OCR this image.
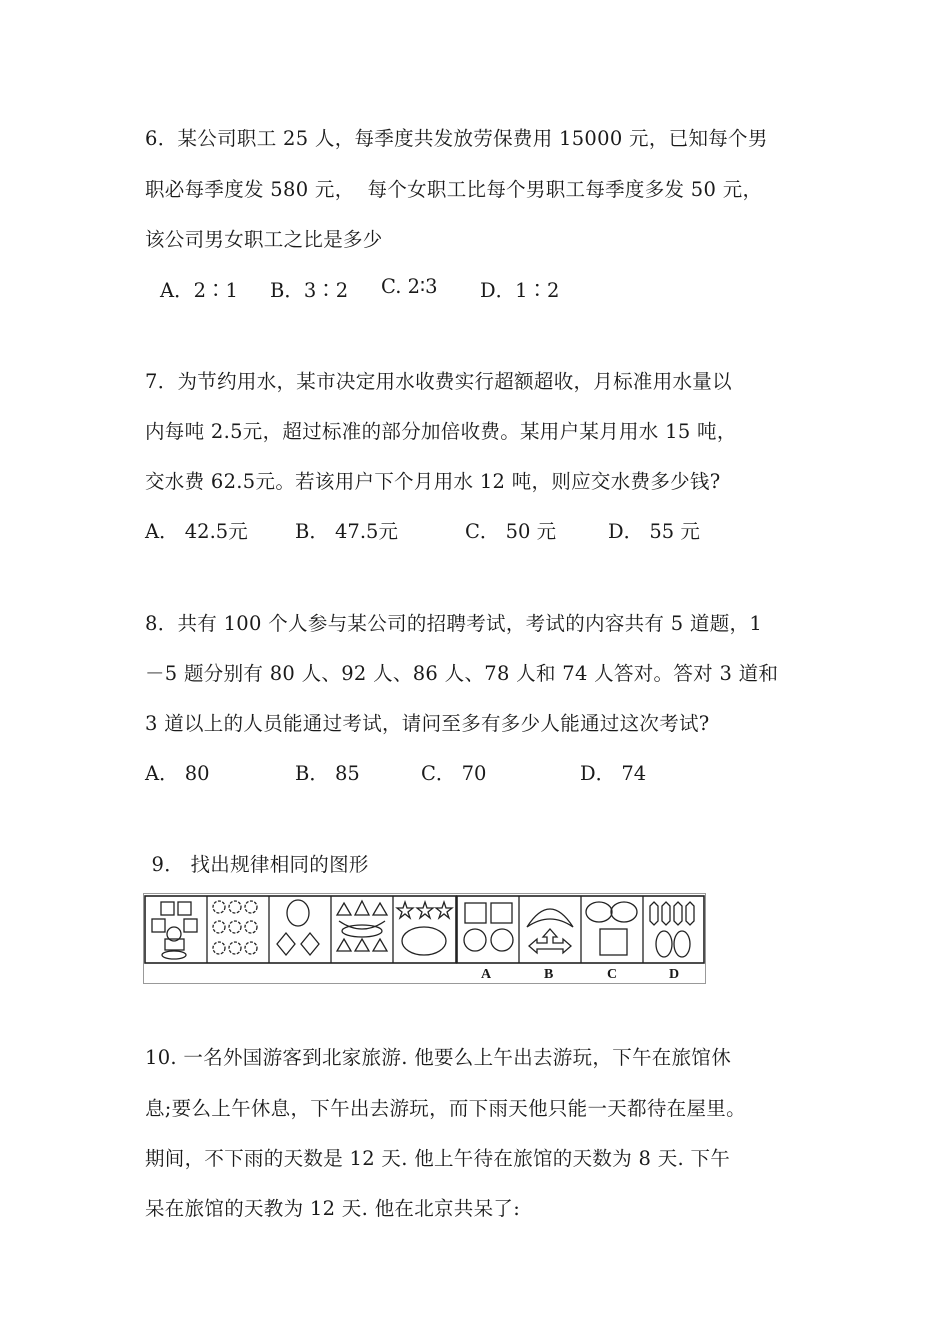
6．某公司职工 25 人，每季度共发放劳保费用 15000 元，已知每个男
职必每季度发 580 元，  每个女职工比每个男职工每季度多发 50 元，
该公司男女职工之比是多少
A．2∶1 B．3∶2 C. 2∶3 D．1∶2
7．为节约用水，某市决定用水收费实行超额超收，月标准用水量以
内每吨 2.5元，超过标准的部分加倍收费。某用户某月用水 15 吨，
交水费 62.5元。若该用户下个月用水 12 吨，则应交水费多少钱?
A． 42.5元 B． 47.5元	C． 50 元	D． 55 元
8．共有 100 个人参与某公司的招聘考试，考试的内容共有 5 道题，1
－5 题分别有 80 人、92 人、86 人、78 人和 74 人答对。答对 3 道和
3 道以上的人员能通过考试，请问至多有多少人能通过这次考试?
A． 80	B． 85	C． 70	D． 74
9． 找出规律相同的图形
A	B	C	D
10. 一名外国游客到北家旅游. 他要么上午出去游玩，下午在旅馆休
息;要么上午休息，下午出去游玩，而下雨天他只能一天都待在屋里。
期间，不下雨的天数是 12 天. 他上午待在旅馆的天数为 8 天. 下午
呆在旅馆的天教为 12 天. 他在北京共呆了:
